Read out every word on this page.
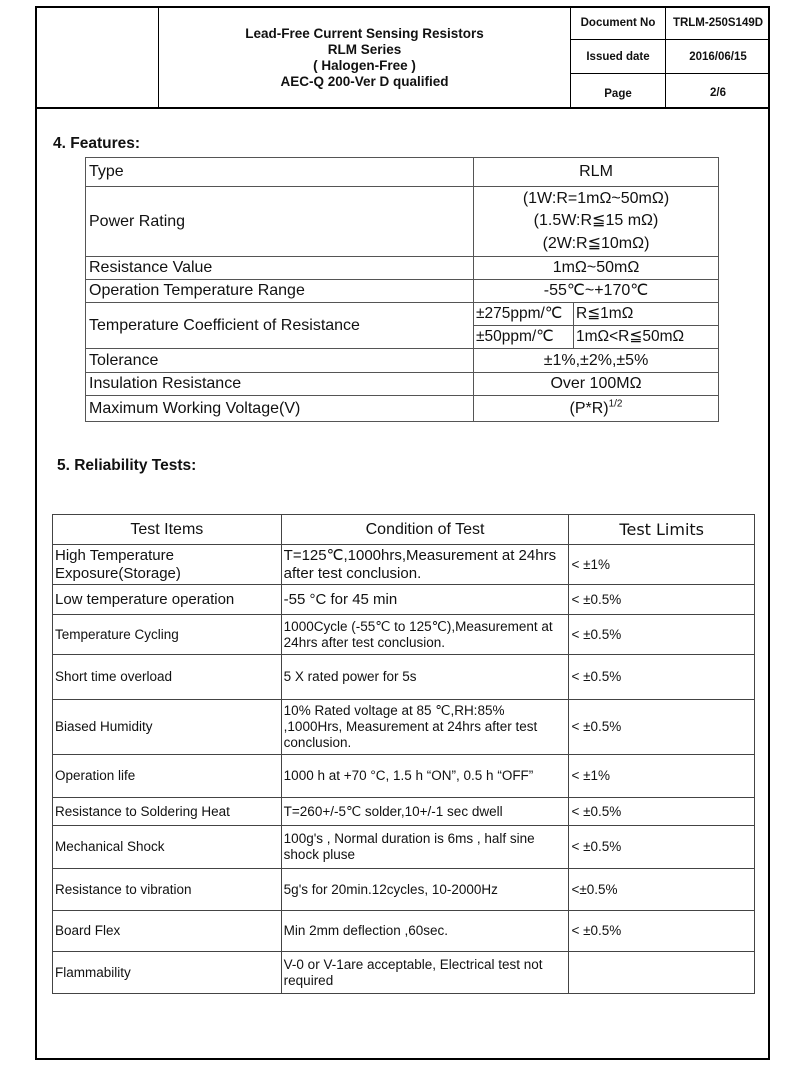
Lead-Free Current Sensing Resistors
RLM Series
( Halogen-Free )
AEC-Q 200-Ver D qualified
Document No	TRLM-250S149D
Issued date	2016/06/15
Page	2/6
4. Features:
Type	RLM	
Power Rating	(1W:R=1mΩ~50mΩ)
(1.5W:R≦15 mΩ)
(2W:R≦10mΩ)	

Resistance Value	1mΩ~50mΩ	
Operation Temperature Range	-55℃~+170℃	
Temperature Coefficient of Resistance	±275ppm/℃	R≦1mΩ
	±50ppm/℃	1mΩ<R≦50mΩ
Tolerance	±1%,±2%,±5%	
Insulation Resistance	Over 100MΩ	
Maximum Working Voltage(V)	$(P*R)^{1/2}$
5. Reliability Tests:
Test Items	Condition of Test	Test Limits
High Temperature Exposure(Storage)	T=125℃,1000hrs,Measurement at 24hrs after test conclusion.	< ±1%
Low temperature operation	-55 °C for 45 min	< ±0.5%
Temperature Cycling	1000Cycle (-55℃ to 125℃),Measurement at 24hrs after test conclusion.	< ±0.5%
Short time overload	5 X rated power for 5s	< ±0.5%
Biased Humidity	10% Rated voltage at 85 ℃,RH:85% ,1000Hrs, Measurement at 24hrs after test conclusion.	< ±0.5%
Operation life	1000 h at +70 °C, 1.5 h “ON”, 0.5 h “OFF”	< ±1%
Resistance to Soldering Heat	T=260+/-5℃ solder,10+/-1 sec dwell	< ±0.5%
Mechanical Shock	100g's , Normal duration is 6ms , half sine shock pluse	< ±0.5%
Resistance to vibration	5g's for 20min.12cycles, 10-2000Hz	<±0.5%
Board Flex	Min 2mm deflection ,60sec.	< ±0.5%
Flammability	V-0 or V-1are acceptable, Electrical test not required	
